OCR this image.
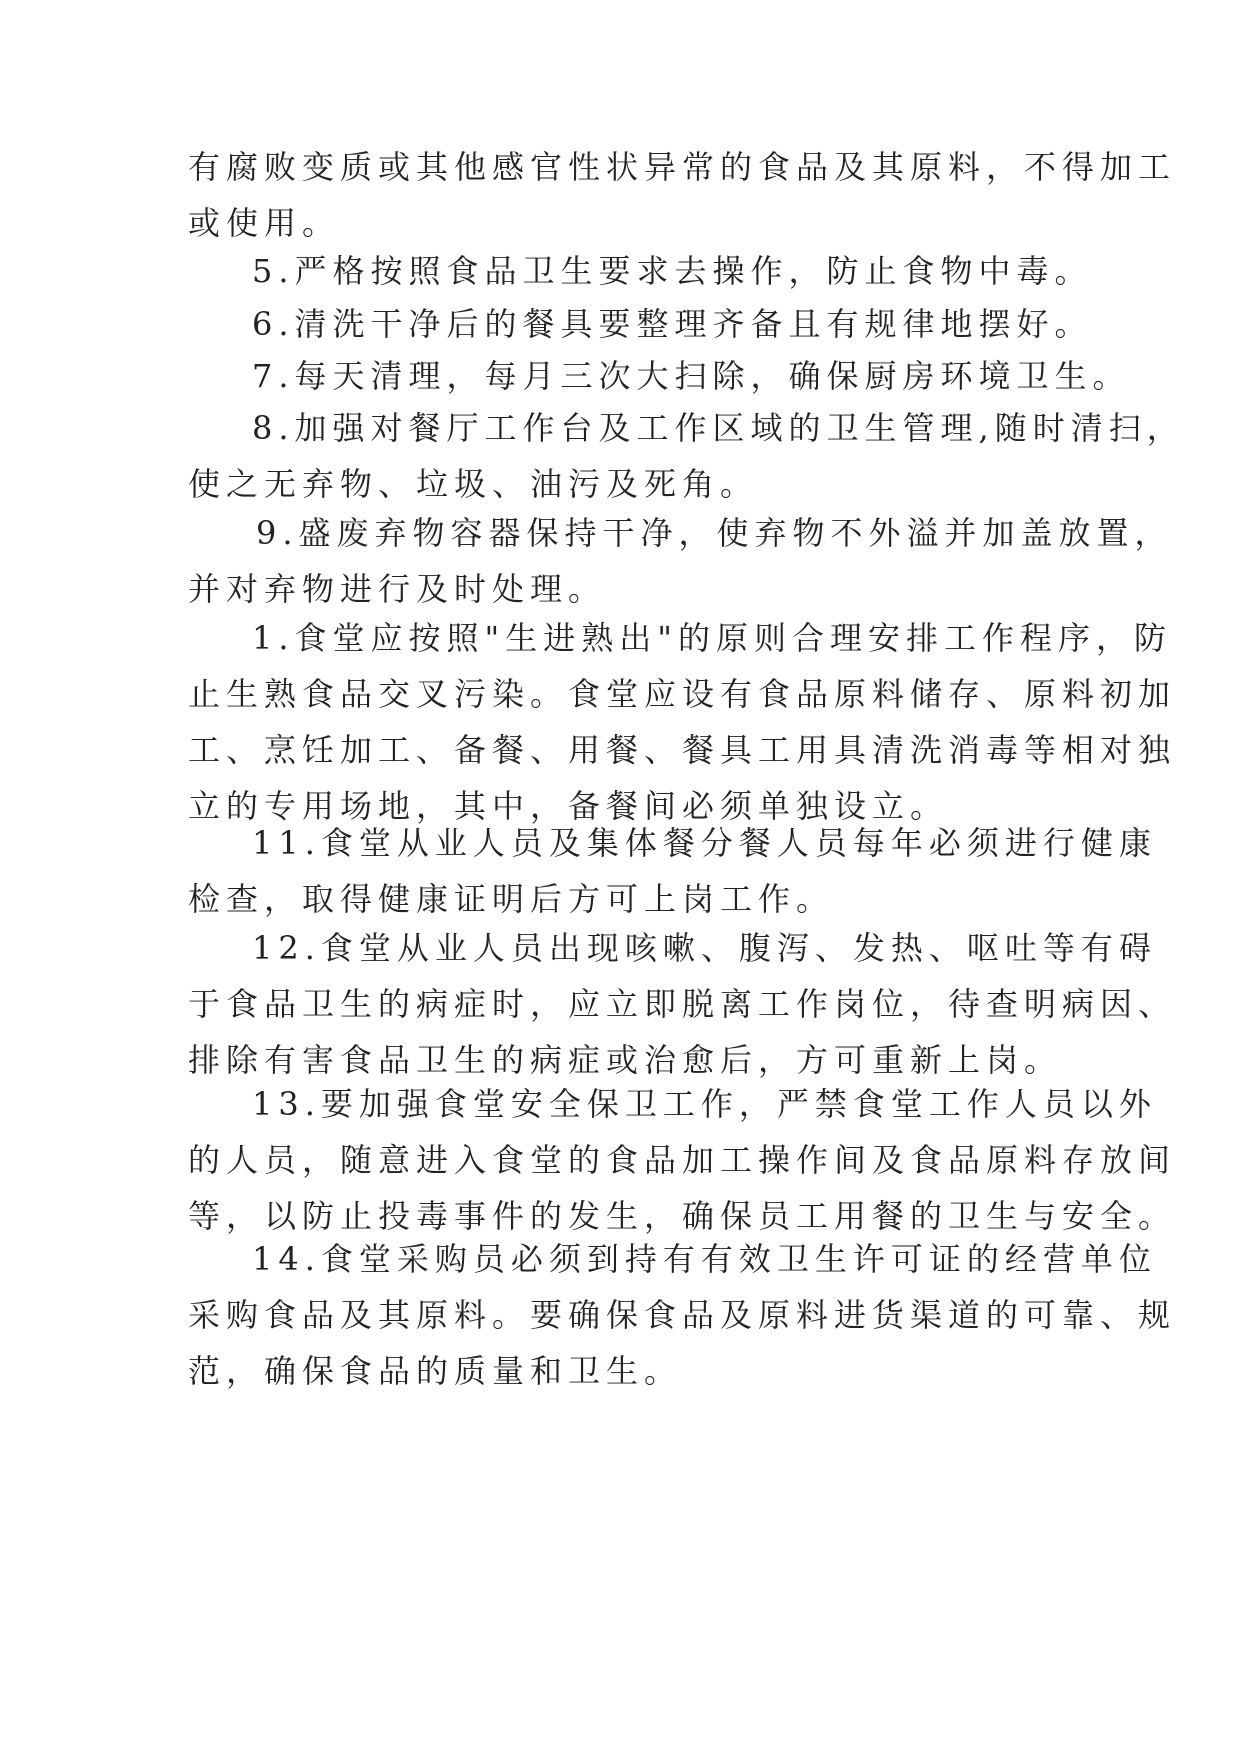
有腐败变质或其他感官性状异常的食品及其原料，不得加工
或使用。
5.严格按照食品卫生要求去操作，防止食物中毒。
6.清洗干净后的餐具要整理齐备且有规律地摆好。
7.每天清理，每月三次大扫除，确保厨房环境卫生。
8.加强对餐厅工作台及工作区域的卫生管理,随时清扫，
使之无弃物、垃圾、油污及死角。
9.盛废弃物容器保持干净，使弃物不外溢并加盖放置，
并对弃物进行及时处理。
1.食堂应按照"生进熟出"的原则合理安排工作程序，防
止生熟食品交叉污染。食堂应设有食品原料储存、原料初加
工、烹饪加工、备餐、用餐、餐具工用具清洗消毒等相对独
立的专用场地，其中，备餐间必须单独设立。
11.食堂从业人员及集体餐分餐人员每年必须进行健康
检查，取得健康证明后方可上岗工作。
12.食堂从业人员出现咳嗽、腹泻、发热、呕吐等有碍
于食品卫生的病症时，应立即脱离工作岗位，待查明病因、
排除有害食品卫生的病症或治愈后，方可重新上岗。
13.要加强食堂安全保卫工作，严禁食堂工作人员以外
的人员，随意进入食堂的食品加工操作间及食品原料存放间
等，以防止投毒事件的发生，确保员工用餐的卫生与安全。
14.食堂采购员必须到持有有效卫生许可证的经营单位
采购食品及其原料。要确保食品及原料进货渠道的可靠、规
范，确保食品的质量和卫生。
